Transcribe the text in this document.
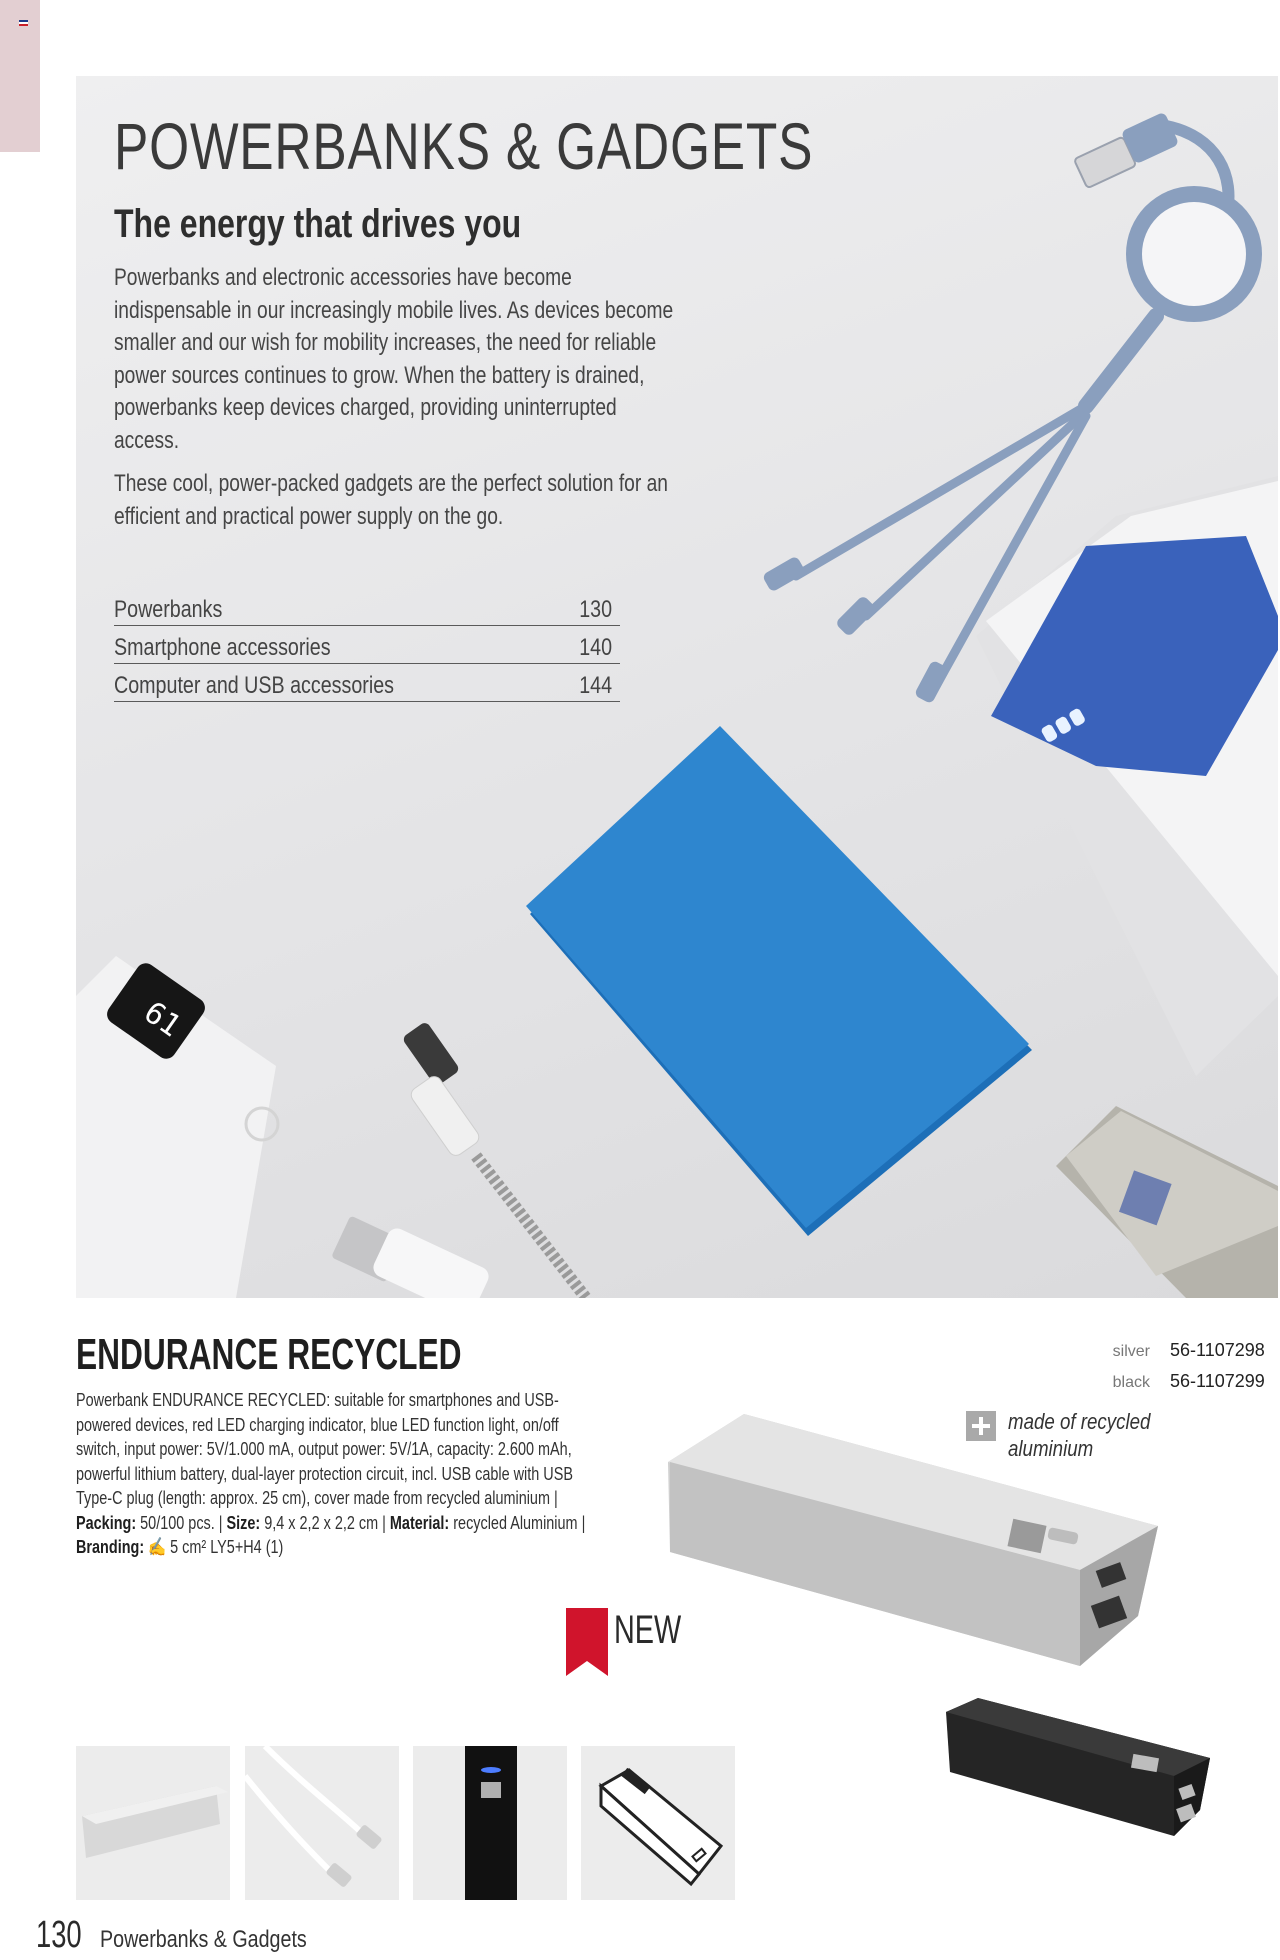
61
POWERBANKS & GADGETS
The energy that drives you

Powerbanks and electronic accessories have become indispensable in our increasingly mobile lives. As devices become smaller and our wish for mobility increases, the need for reliable power sources continues to grow. When the battery is drained, powerbanks keep devices charged, providing uninterrupted access.

These cool, power-packed gadgets are the perfect solution for an efficient and practical power supply on the go.

Powerbanks	130
Smartphone accessories	140
Computer and USB accessories	144
ENDURANCE RECYCLED

Powerbank ENDURANCE RECYCLED: suitable for smartphones and USB-powered devices, red LED charging indicator, blue LED function light, on/off switch, input power: 5V/1.000 mA, output power: 5V/1A, capacity: 2.600 mAh, powerful lithium battery, dual-layer protection circuit, incl. USB cable with USB Type-C plug (length: approx. 25 cm), cover made from recycled aluminium | Packing: 50/100 pcs. | Size: 9,4 x 2,2 x 2,2 cm | Material: recycled Aluminium | Branding: ✍ 5 cm² LY5+H4 (1)

silver 56-1107298
black 56-1107299
made of recycled
aluminium
NEW
130 Powerbanks & Gadgets
